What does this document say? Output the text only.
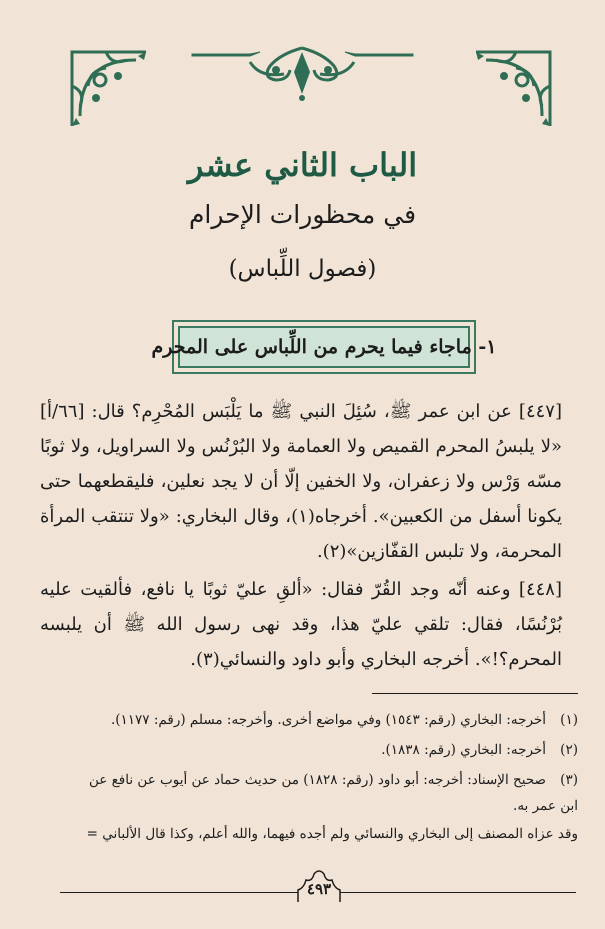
الباب الثاني عشر
في محظورات الإحرام
(فصول اللِّباس)
١- ماجاء فيما يحرم من اللِّباس على المحرم
[٤٤٧] عن ابن عمر ﷺ، سُئِلَ النبي ﷺ ما يَلْبَس المُحْرِم؟ قال: [٦٦/أ] «لا يلبسُ المحرم القميص ولا العمامة ولا البُرْنُس ولا السراويل، ولا ثوبًا مسّه وَرْس ولا زعفران، ولا الخفين إلّا أن لا يجد نعلين، فليقطعهما حتى يكونا أسفل من الكعبين». أخرجاه(١)، وقال البخاري: «ولا تنتقب المرأة المحرمة، ولا تلبس القفّازين»(٢).
[٤٤٨] وعنه أنّه وجد القُرّ فقال: «ألقِ عليّ ثوبًا يا نافع، فألقيت عليه بُرْنُسًا، فقال: تلقي عليّ هذا، وقد نهى رسول الله ﷺ أن يلبسه المحرم؟!». أخرجه البخاري وأبو داود والنسائي(٣).
(١)أخرجه: البخاري (رقم: ١٥٤٣) وفي مواضع أخرى. وأخرجه: مسلم (رقم: ١١٧٧).
(٢)أخرجه: البخاري (رقم: ١٨٣٨).
(٣)صحيح الإسناد: أخرجه: أبو داود (رقم: ١٨٢٨) من حديث حماد عن أيوب عن نافع عن
ابن عمر به.
وقد عزاه المصنف إلى البخاري والنسائي ولم أجده فيهما، والله أعلم، وكذا قال الألباني =
٤٩٣
